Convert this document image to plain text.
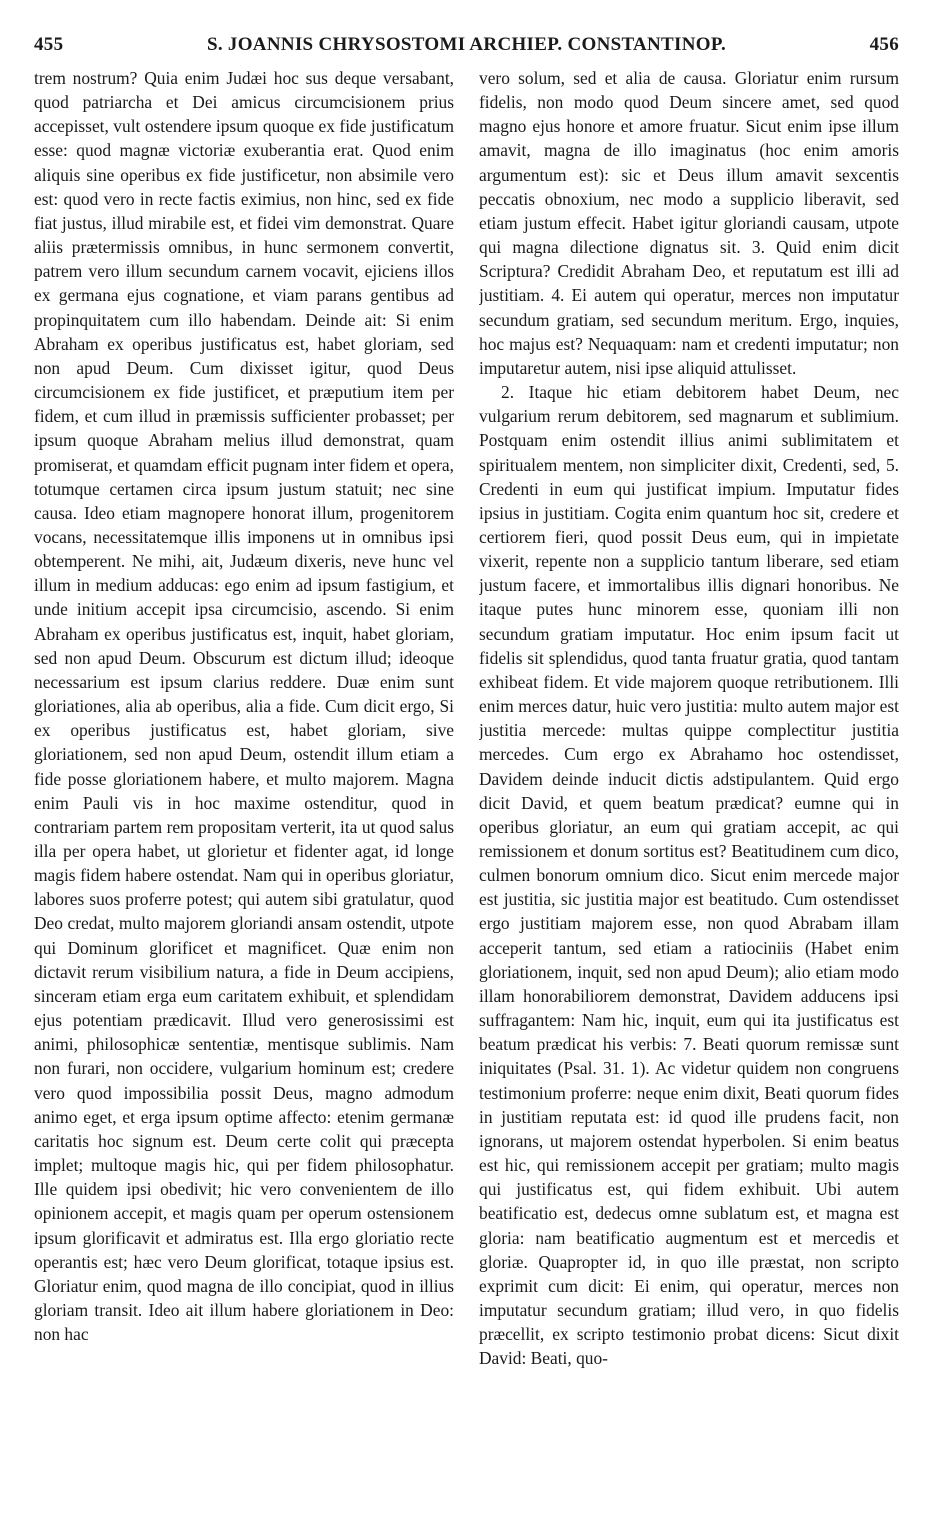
455	S. JOANNIS CHRYSOSTOMI ARCHIEP. CONSTANTINOP.	456

trem nostrum? Quia enim Judæi hoc sus deque versabant, quod patriarcha et Dei amicus circumcisionem prius accepisset, vult ostendere ipsum quoque ex fide justificatum esse: quod magnæ victoriæ exuberantia erat. Quod enim aliquis sine operibus ex fide justificetur, non absimile vero est: quod vero in recte factis eximius, non hinc, sed ex fide fiat justus, illud mirabile est, et fidei vim demonstrat. Quare aliis prætermissis omnibus, in hunc sermonem convertit, patrem vero illum secundum carnem vocavit, ejiciens illos ex germana ejus cognatione, et viam parans gentibus ad propinquitatem cum illo habendam. Deinde ait: Si enim Abraham ex operibus justificatus est, habet gloriam, sed non apud Deum. Cum dixisset igitur, quod Deus circumcisionem ex fide justificet, et præputium item per fidem, et cum illud in præmissis sufficienter probasset; per ipsum quoque Abraham melius illud demonstrat, quam promiserat, et quamdam efficit pugnam inter fidem et opera, totumque certamen circa ipsum justum statuit; nec sine causa. Ideo etiam magnopere honorat illum, progenitorem vocans, necessitatemque illis imponens ut in omnibus ipsi obtemperent. Ne mihi, ait, Judæum dixeris, neve hunc vel illum in medium adducas: ego enim ad ipsum fastigium, et unde initium accepit ipsa circumcisio, ascendo. Si enim Abraham ex operibus justificatus est, inquit, habet gloriam, sed non apud Deum. Obscurum est dictum illud; ideoque necessarium est ipsum clarius reddere. Duæ enim sunt gloriationes, alia ab operibus, alia a fide. Cum dicit ergo, Si ex operibus justificatus est, habet gloriam, sive gloriationem, sed non apud Deum, ostendit illum etiam a fide posse gloriationem habere, et multo majorem. Magna enim Pauli vis in hoc maxime ostenditur, quod in contrariam partem rem propositam verterit, ita ut quod salus illa per opera habet, ut glorietur et fidenter agat, id longe magis fidem habere ostendat. Nam qui in operibus gloriatur, labores suos proferre potest; qui autem sibi gratulatur, quod Deo credat, multo majorem gloriandi ansam ostendit, utpote qui Dominum glorificet et magnificet. Quæ enim non dictavit rerum visibilium natura, a fide in Deum accipiens, sinceram etiam erga eum caritatem exhibuit, et splendidam ejus potentiam prædicavit. Illud vero generosissimi est animi, philosophicæ sententiæ, mentisque sublimis. Nam non furari, non occidere, vulgarium hominum est; credere vero quod impossibilia possit Deus, magno admodum animo eget, et erga ipsum optime affecto: etenim germanæ caritatis hoc signum est. Deum certe colit qui præcepta implet; multoque magis hic, qui per fidem philosophatur. Ille quidem ipsi obedivit; hic vero convenientem de illo opinionem accepit, et magis quam per operum ostensionem ipsum glorificavit et admiratus est. Illa ergo gloriatio recte operantis est; hæc vero Deum glorificat, totaque ipsius est. Gloriatur enim, quod magna de illo concipiat, quod in illius gloriam transit. Ideo ait illum habere gloriationem in Deo: non hac

vero solum, sed et alia de causa. Gloriatur enim rursum fidelis, non modo quod Deum sincere amet, sed quod magno ejus honore et amore fruatur. Sicut enim ipse illum amavit, magna de illo imaginatus (hoc enim amoris argumentum est): sic et Deus illum amavit sexcentis peccatis obnoxium, nec modo a supplicio liberavit, sed etiam justum effecit. Habet igitur gloriandi causam, utpote qui magna dilectione dignatus sit. 3. Quid enim dicit Scriptura? Credidit Abraham Deo, et reputatum est illi ad justitiam. 4. Ei autem qui operatur, merces non imputatur secundum gratiam, sed secundum meritum. Ergo, inquies, hoc majus est? Nequaquam: nam et credenti imputatur; non imputaretur autem, nisi ipse aliquid attulisset.

2. Itaque hic etiam debitorem habet Deum, nec vulgarium rerum debitorem, sed magnarum et sublimium. Postquam enim ostendit illius animi sublimitatem et spiritualem mentem, non simpliciter dixit, Credenti, sed, 5. Credenti in eum qui justificat impium. Imputatur fides ipsius in justitiam. Cogita enim quantum hoc sit, credere et certiorem fieri, quod possit Deus eum, qui in impietate vixerit, repente non a supplicio tantum liberare, sed etiam justum facere, et immortalibus illis dignari honoribus. Ne itaque putes hunc minorem esse, quoniam illi non secundum gratiam imputatur. Hoc enim ipsum facit ut fidelis sit splendidus, quod tanta fruatur gratia, quod tantam exhibeat fidem. Et vide majorem quoque retributionem. Illi enim merces datur, huic vero justitia: multo autem major est justitia mercede: multas quippe complectitur justitia mercedes. Cum ergo ex Abrahamo hoc ostendisset, Davidem deinde inducit dictis adstipulantem. Quid ergo dicit David, et quem beatum prædicat? eumne qui in operibus gloriatur, an eum qui gratiam accepit, ac qui remissionem et donum sortitus est? Beatitudinem cum dico, culmen bonorum omnium dico. Sicut enim mercede major est justitia, sic justitia major est beatitudo. Cum ostendisset ergo justitiam majorem esse, non quod Abrabam illam acceperit tantum, sed etiam a ratiociniis (Habet enim gloriationem, inquit, sed non apud Deum); alio etiam modo illam honorabiliorem demonstrat, Davidem adducens ipsi suffragantem: Nam hic, inquit, eum qui ita justificatus est beatum prædicat his verbis: 7. Beati quorum remissæ sunt iniquitates (Psal. 31. 1). Ac videtur quidem non congruens testimonium proferre: neque enim dixit, Beati quorum fides in justitiam reputata est: id quod ille prudens facit, non ignorans, ut majorem ostendat hyperbolen. Si enim beatus est hic, qui remissionem accepit per gratiam; multo magis qui justificatus est, qui fidem exhibuit. Ubi autem beatificatio est, dedecus omne sublatum est, et magna est gloria: nam beatificatio augmentum est et mercedis et gloriæ. Quapropter id, in quo ille præstat, non scripto exprimit cum dicit: Ei enim, qui operatur, merces non imputatur secundum gratiam; illud vero, in quo fidelis præcellit, ex scripto testimonio probat dicens: Sicut dixit David: Beati, quo-
